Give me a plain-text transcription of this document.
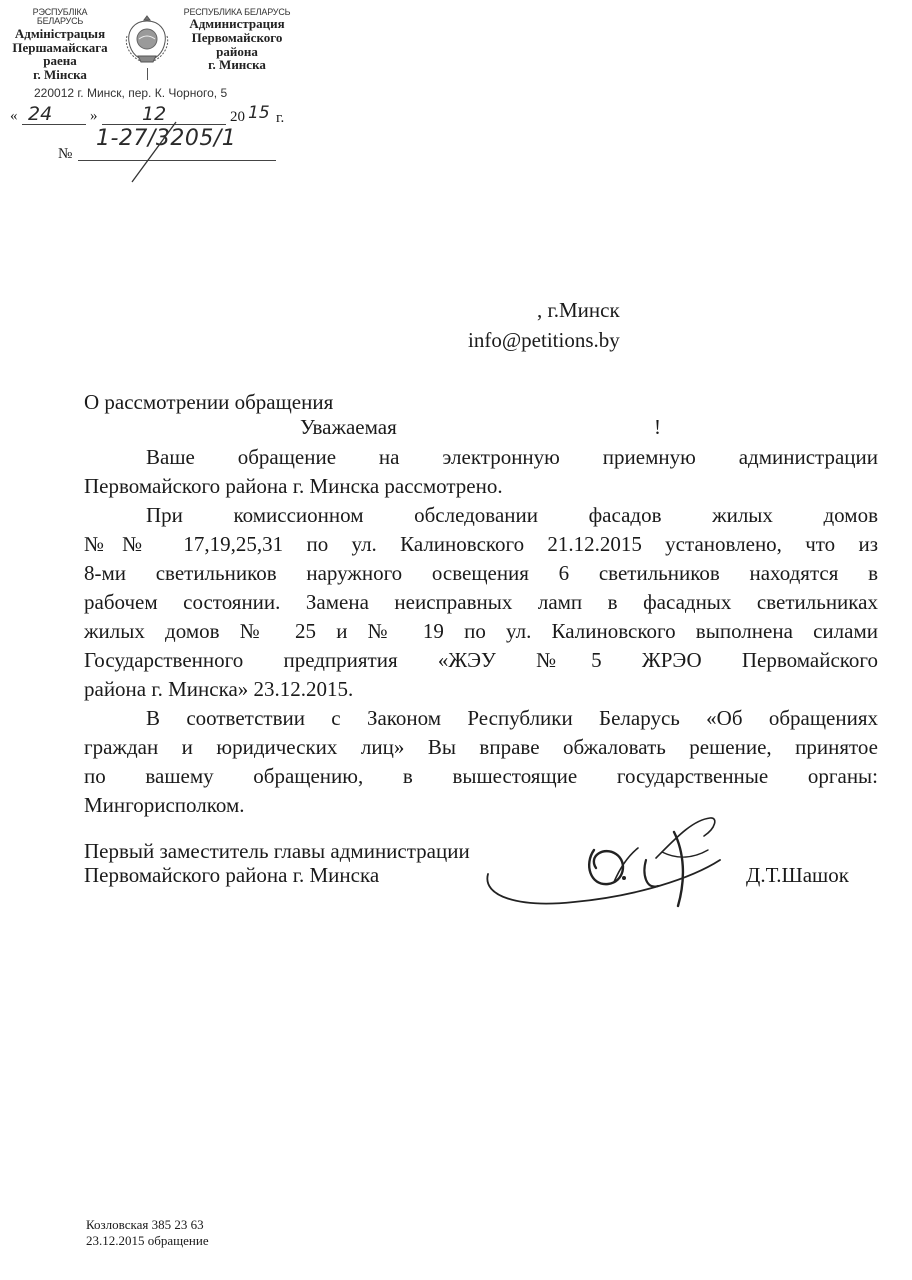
РЭСПУБЛІКА БЕЛАРУСЬ
Адміністрацыя
Першамайскага
раена
г. Мінска
РЕСПУБЛИКА БЕЛАРУСЬ
Администрация
Первомайского
района
г. Минска
220012 г. Минск, пер. К. Чорного, 5
« 24	» 12	20 15 г.
№
1-27/3205/1
, г.Минск
info@petitions.by
О рассмотрении обращения
Уважаемая	!
Ваше обращение на электронную приемную администрации
Первомайского района г. Минска рассмотрено.
При комиссионном обследовании фасадов жилых домов
№№ 17,19,25,31 по ул. Калиновского 21.12.2015 установлено, что из
8-ми светильников наружного освещения 6 светильников находятся в
рабочем состоянии. Замена неисправных ламп в фасадных светильниках
жилых домов № 25 и № 19 по ул. Калиновского выполнена силами
Государственного предприятия «ЖЭУ №5 ЖРЭО Первомайского
района г. Минска» 23.12.2015.
В соответствии с Законом Республики Беларусь «Об обращениях
граждан и юридических лиц» Вы вправе обжаловать решение, принятое
по вашему обращению, в вышестоящие государственные органы:
Мингорисполком.
Первый заместитель главы администрации
Первомайского района г. Минска	Д.Т.Шашок
Козловская 385 23 63
23.12.2015 обращение
